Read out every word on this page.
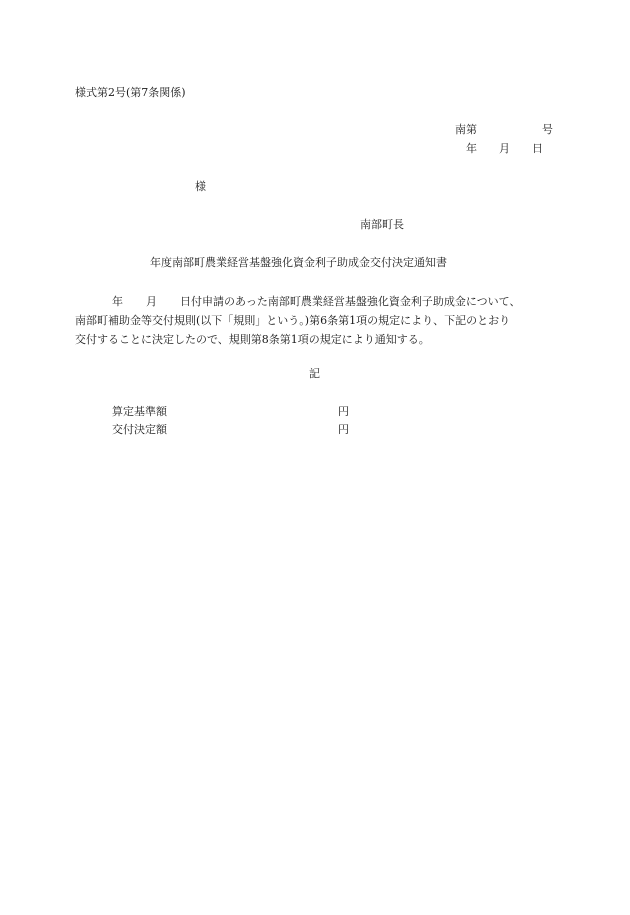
様式第2号(第7条関係)
南第	号
年 月 日
様
南部町長
年度南部町農業経営基盤強化資金利子助成金交付決定通知書
年 月 日付申請のあった南部町農業経営基盤強化資金利子助成金について、
南部町補助金等交付規則(以下「規則」という。)第6条第1項の規定により、下記のとおり
交付することに決定したので、規則第8条第1項の規定により通知する。
記
算定基準額	円
交付決定額	円
